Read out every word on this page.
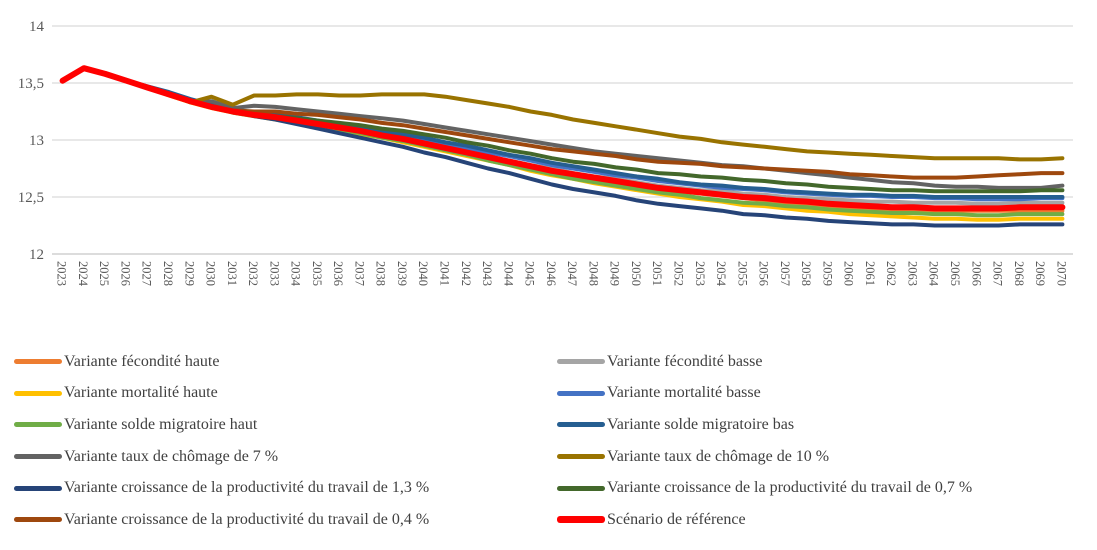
12
12,5
13
13,5
14
2023 2024 2025 2026 2027 2028 2029 2030 2031 2032 2033 2034 2035 2036 2037 2038 2039 2040 2041 2042 2043 2044 2045 2046 2047 2048 2049 2050 2051 2052 2053 2054 2055 2056 2057 2058 2059 2060 2061 2062 2063 2064 2065 2066 2067 2068 2069 2070
Variante fécondité haute	Variante fécondité basse
Variante mortalité haute	Variante mortalité basse
Variante solde migratoire haut	Variante solde migratoire bas
Variante taux de chômage de 7 %	Variante taux de chômage de 10 %
Variante croissance de la productivité du travail de 1,3 %	Variante croissance de la productivité du travail de 0,7 %
Variante croissance de la productivité du travail de 0,4 %	Scénario de référence
